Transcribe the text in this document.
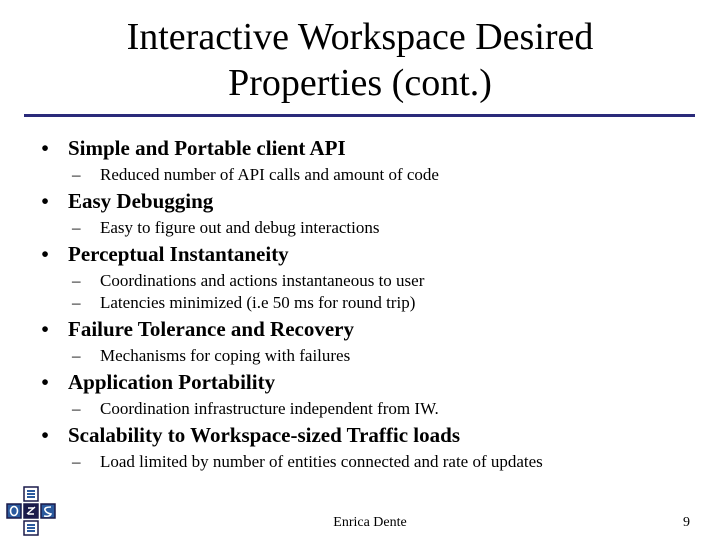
Interactive Workspace Desired
Properties (cont.)
• Simple and Portable client API
– Reduced number of API calls and amount of code
• Easy Debugging
– Easy to figure out and debug interactions
• Perceptual Instantaneity
– Coordinations and actions instantaneous to user
– Latencies minimized (i.e 50 ms for round trip)
• Failure Tolerance and Recovery
– Mechanisms for coping with failures
• Application Portability
– Coordination infrastructure independent from IW.
• Scalability to Workspace-sized Traffic loads
– Load limited by number of entities connected and rate of updates
Enrica Dente	9
